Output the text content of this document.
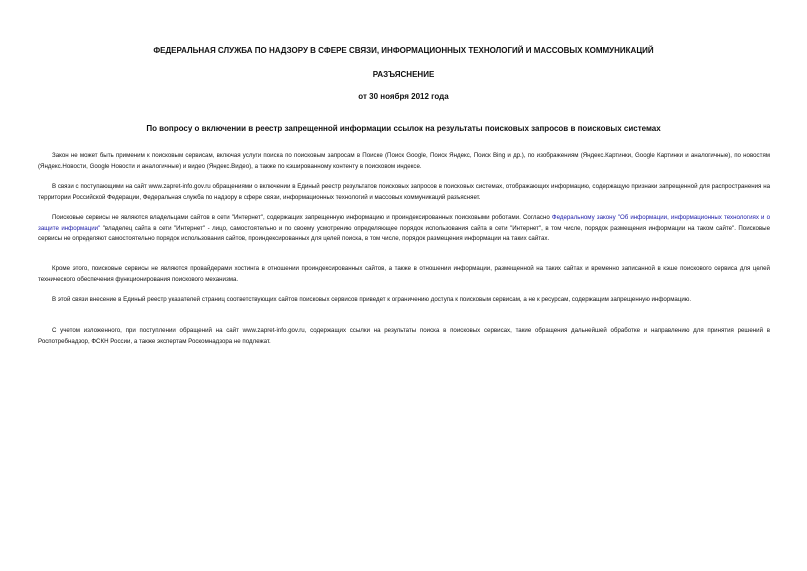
ФЕДЕРАЛЬНАЯ СЛУЖБА ПО НАДЗОРУ В СФЕРЕ СВЯЗИ, ИНФОРМАЦИОННЫХ ТЕХНОЛОГИЙ И МАССОВЫХ КОММУНИКАЦИЙ
РАЗЪЯСНЕНИЕ
от 30 ноября 2012 года
По вопросу о включении в реестр запрещенной информации ссылок на результаты поисковых запросов в поисковых системах

Закон не может быть применим к поисковым сервисам, включая услуги поиска по поисковым запросам в Поиске (Поиск Google, Поиск Яндекс, Поиск Bing и др.), по изображениям (Яндекс.Картинки, Google Картинки и аналогичные), по новостям (Яндекс.Новости, Google Новости и аналогичные) и видео (Яндекс.Видео), а также по кэшированному контенту в поисковом индексе.

В связи с поступающими на сайт www.zapret-info.gov.ru обращениями о включении в Единый реестр результатов поисковых запросов в поисковых системах, отображающих информацию, содержащую признаки запрещенной для распространения на территории Российской Федерации, Федеральная служба по надзору в сфере связи, информационных технологий и массовых коммуникаций разъясняет.

Поисковые сервисы не являются владельцами сайтов в сети "Интернет", содержащих запрещенную информацию и проиндексированных поисковыми роботами. Согласно Федеральному закону "Об информации, информационных технологиях и о защите информации" "владелец сайта в сети "Интернет" - лицо, самостоятельно и по своему усмотрению определяющее порядок использования сайта в сети "Интернет", в том числе, порядок размещения информации на таком сайте". Поисковые сервисы не определяют самостоятельно порядок использования сайтов, проиндексированных для целей поиска, в том числе, порядок размещения информации на таких сайтах.

Кроме этого, поисковые сервисы не являются провайдерами хостинга в отношении проиндексированных сайтов, а также в отношении информации, размещенной на таких сайтах и временно записанной в кэше поискового сервиса для целей технического обеспечения функционирования поискового механизма.

В этой связи внесение в Единый реестр указателей страниц соответствующих сайтов поисковых сервисов приведет к ограничению доступа к поисковым сервисам, а не к ресурсам, содержащим запрещенную информацию.

С учетом изложенного, при поступлении обращений на сайт www.zapret-info.gov.ru, содержащих ссылки на результаты поиска в поисковых сервисах, такие обращения дальнейшей обработке и направлению для принятия решений в Роспотребнадзор, ФСКН России, а также экспертам Роскомнадзора не подлежат.
